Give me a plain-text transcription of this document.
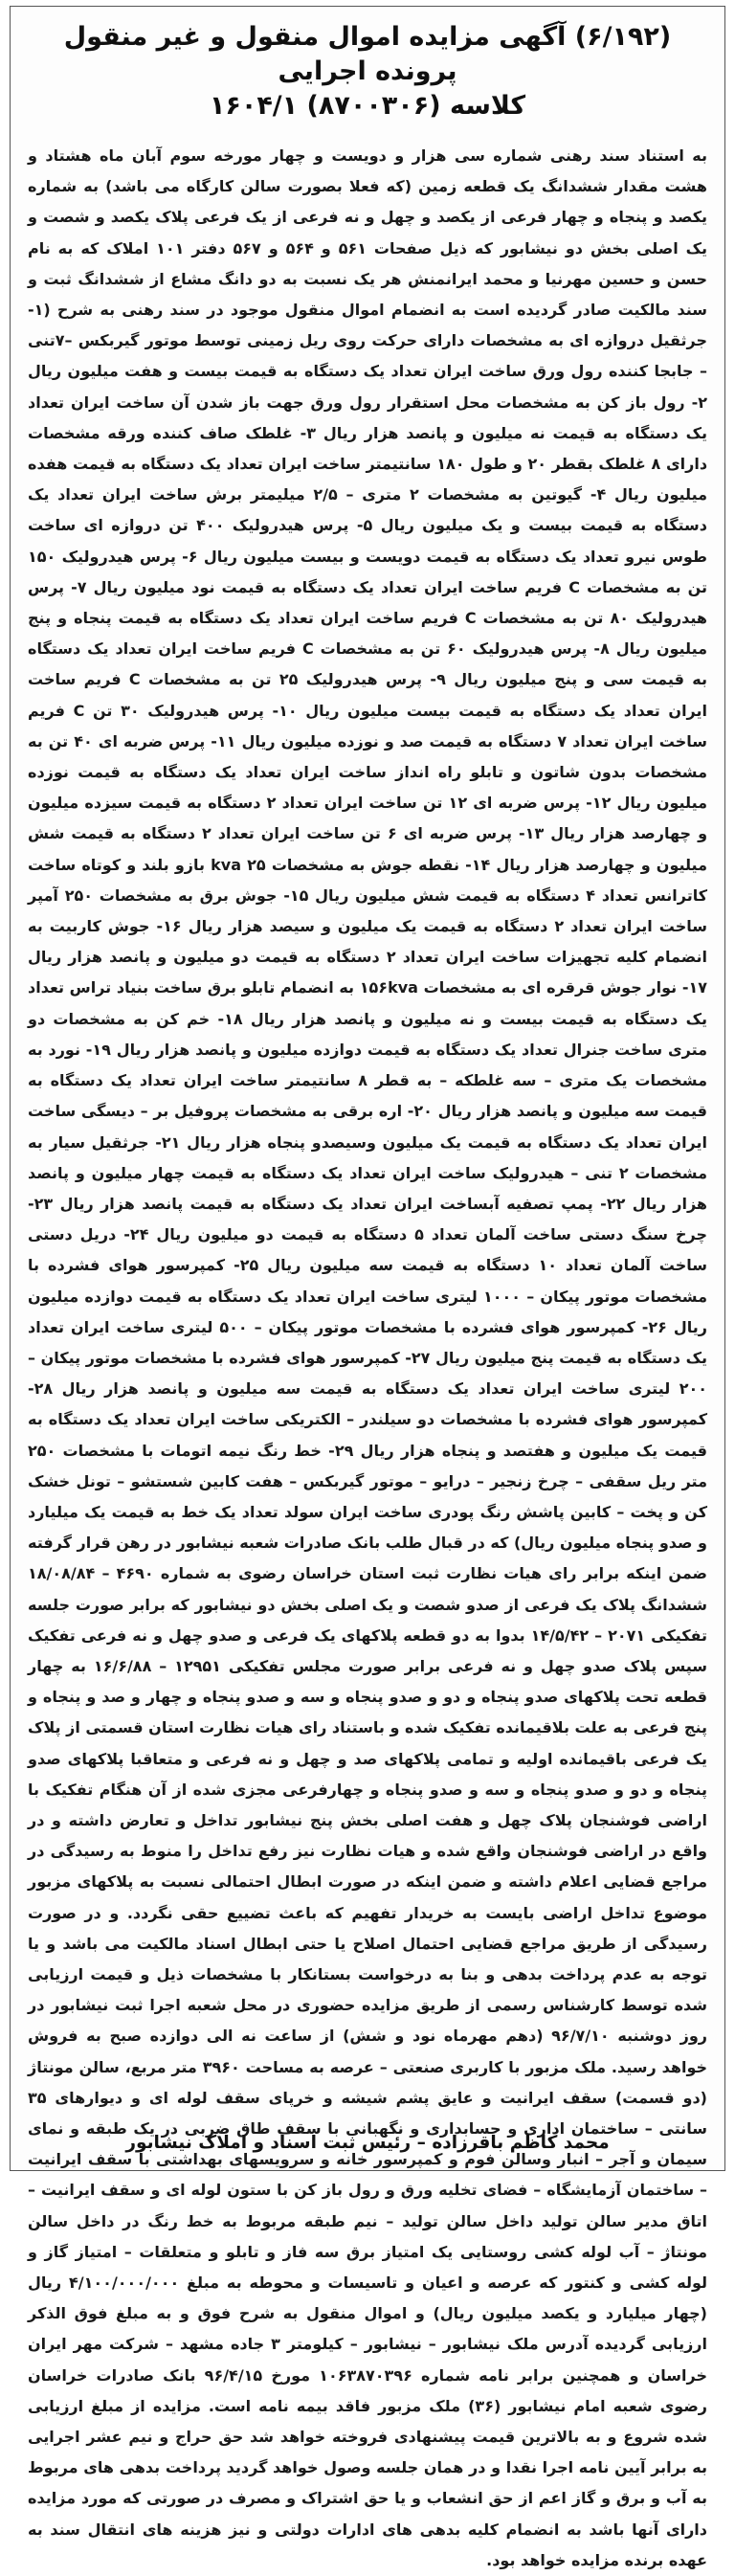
(۶/۱۹۲) آگهی مزایده اموال منقول و غیر منقول پرونده اجرایی
کلاسه (۸۷۰۰۳۰۶) ۱۶۰۴/۱
به استناد سند رهنی شماره سی هزار و دویست و چهار مورخه سوم آبان ماه هشتاد و هشت مقدار ششدانگ یک قطعه زمین (که فعلا بصورت سالن کارگاه می باشد) به شماره یکصد و پنجاه و چهار فرعی از یکصد و چهل و نه فرعی از یک فرعی پلاک یکصد و شصت و یک اصلی بخش دو نیشابور که ذیل صفحات ۵۶۱ و ۵۶۴ و ۵۶۷ دفتر ۱۰۱ املاک که به نام حسن و حسین مهرنیا و محمد ایرانمنش هر یک نسبت به دو دانگ مشاع از ششدانگ ثبت و سند مالکیت صادر گردیده است به انضمام اموال منقول موجود در سند رهنی به شرح (۱- جرثقیل دروازه ای به مشخصات دارای حرکت روی ریل زمینی توسط موتور گیربکس –۷تنی – جابجا کننده رول ورق ساخت ایران تعداد یک دستگاه به قیمت بیست و هفت میلیون ریال ۲- رول باز کن به مشخصات محل استقرار رول ورق جهت باز شدن آن ساخت ایران تعداد یک دستگاه به قیمت نه میلیون و پانصد هزار ریال ۳- غلطک صاف کننده ورقه مشخصات دارای ۸ غلطک بقطر ۲۰ و طول ۱۸۰ سانتیمتر ساخت ایران تعداد یک دستگاه به قیمت هفده میلیون ریال ۴- گیوتین به مشخصات ۲ متری – ۲/۵ میلیمتر برش ساخت ایران تعداد یک دستگاه به قیمت بیست و یک میلیون ریال ۵- پرس هیدرولیک ۴۰۰ تن دروازه ای ساخت طوس نیرو تعداد یک دستگاه به قیمت دویست و بیست میلیون ریال ۶- پرس هیدرولیک ۱۵۰ تن به مشخصات C فریم ساخت ایران تعداد یک دستگاه به قیمت نود میلیون ریال ۷- پرس هیدرولیک ۸۰ تن به مشخصات C فریم ساخت ایران تعداد یک دستگاه به قیمت پنجاه و پنج میلیون ریال ۸- پرس هیدرولیک ۶۰ تن به مشخصات C فریم ساخت ایران تعداد یک دستگاه به قیمت سی و پنج میلیون ریال ۹- پرس هیدرولیک ۲۵ تن به مشخصات C فریم ساخت ایران تعداد یک دستگاه به قیمت بیست میلیون ریال ۱۰- پرس هیدرولیک ۳۰ تن C فریم ساخت ایران تعداد ۷ دستگاه به قیمت صد و نوزده میلیون ریال ۱۱- پرس ضربه ای ۴۰ تن به مشخصات بدون شاتون و تابلو راه انداز ساخت ایران تعداد یک دستگاه به قیمت نوزده میلیون ریال ۱۲- پرس ضربه ای ۱۲ تن ساخت ایران تعداد ۲ دستگاه به قیمت سیزده میلیون و چهارصد هزار ریال ۱۳- پرس ضربه ای ۶ تن ساخت ایران تعداد ۲ دستگاه به قیمت شش میلیون و چهارصد هزار ریال ۱۴- نقطه جوش به مشخصات ۲۵ kva بازو بلند و کوتاه ساخت کاترانس تعداد ۴ دستگاه به قیمت شش میلیون ریال ۱۵- جوش برق به مشخصات ۲۵۰ آمپر ساخت ایران تعداد ۲ دستگاه به قیمت یک میلیون و سیصد هزار ریال ۱۶- جوش کاربیت به انضمام کلیه تجهیزات ساخت ایران تعداد ۲ دستگاه به قیمت دو میلیون و پانصد هزار ریال ۱۷- نوار جوش قرقره ای به مشخصات ۱۵۶kva به انضمام تابلو برق ساخت بنیاد تراس تعداد یک دستگاه به قیمت بیست و نه میلیون و پانصد هزار ریال ۱۸- خم کن به مشخصات دو متری ساخت جنرال تعداد یک دستگاه به قیمت دوازده میلیون و پانصد هزار ریال ۱۹- نورد به مشخصات یک متری – سه غلطکه – به قطر ۸ سانتیمتر ساخت ایران تعداد یک دستگاه به قیمت سه میلیون و پانصد هزار ریال ۲۰- اره برقی به مشخصات پروفیل بر – دیسگی ساخت ایران تعداد یک دستگاه به قیمت یک میلیون وسیصدو پنجاه هزار ریال ۲۱- جرثقیل سیار به مشخصات ۲ تنی – هیدرولیک ساخت ایران تعداد یک دستگاه به قیمت چهار میلیون و پانصد هزار ریال ۲۲- پمپ تصفیه آبساخت ایران تعداد یک دستگاه به قیمت پانصد هزار ریال ۲۳- چرخ سنگ دستی ساخت آلمان تعداد ۵ دستگاه به قیمت دو میلیون ریال ۲۴- دریل دستی ساخت آلمان تعداد ۱۰ دستگاه به قیمت سه میلیون ریال ۲۵- کمپرسور هوای فشرده با مشخصات موتور پیکان – ۱۰۰۰ لیتری ساخت ایران تعداد یک دستگاه به قیمت دوازده میلیون ریال ۲۶- کمپرسور هوای فشرده با مشخصات موتور پیکان – ۵۰۰ لیتری ساخت ایران تعداد یک دستگاه به قیمت پنج میلیون ریال ۲۷- کمپرسور هوای فشرده با مشخصات موتور پیکان – ۲۰۰ لیتری ساخت ایران تعداد یک دستگاه به قیمت سه میلیون و پانصد هزار ریال ۲۸- کمپرسور هوای فشرده با مشخصات دو سیلندر – الکتریکی ساخت ایران تعداد یک دستگاه به قیمت یک میلیون و هفتصد و پنجاه هزار ریال ۲۹- خط رنگ نیمه اتومات با مشخصات ۲۵۰ متر ریل سقفی – چرخ زنجیر – درایو – موتور گیربکس – هفت کابین شستشو – تونل خشک کن و پخت – کابین پاشش رنگ پودری ساخت ایران سولد تعداد یک خط به قیمت یک میلیارد و صدو پنجاه میلیون ریال) که در قبال طلب بانک صادرات شعبه نیشابور در رهن قرار گرفته ضمن اینکه برابر رای هیات نظارت ثبت استان خراسان رضوی به شماره ۴۶۹۰ – ۱۸/۰۸/۸۴ ششدانگ پلاک یک فرعی از صدو شصت و یک اصلی بخش دو نیشابور که برابر صورت جلسه تفکیکی ۲۰۷۱ – ۱۴/۵/۴۲ بدوا به دو قطعه پلاکهای یک فرعی و صدو چهل و نه فرعی تفکیک سپس پلاک صدو چهل و نه فرعی برابر صورت مجلس تفکیکی ۱۲۹۵۱ – ۱۶/۶/۸۸ به چهار قطعه تحت پلاکهای صدو پنجاه و دو و صدو پنجاه و سه و صدو پنجاه و چهار و صد و پنجاه و پنج فرعی به علت بلاقیمانده تفکیک شده و باستناد رای هیات نظارت استان قسمتی از پلاک یک فرعی باقیمانده اولیه و تمامی پلاکهای صد و چهل و نه فرعی و متعاقبا پلاکهای صدو پنجاه و دو و صدو پنجاه و سه و صدو پنجاه و چهارفرعی مجزی شده از آن هنگام تفکیک با اراضی فوشنجان پلاک چهل و هفت اصلی بخش پنج نیشابور تداخل و تعارض داشته و در واقع در اراضی فوشنجان واقع شده و هیات نظارت نیز رفع تداخل را منوط به رسیدگی در مراجع قضایی اعلام داشته و ضمن اینکه در صورت ابطال احتمالی نسبت به پلاکهای مزبور موضوع تداخل اراضی بایست به خریدار تفهیم که باعث تضییع حقی نگردد. و در صورت رسیدگی از طریق مراجع قضایی احتمال اصلاح یا حتی ابطال اسناد مالکیت می باشد و یا توجه به عدم پرداخت بدهی و بنا به درخواست بستانکار با مشخصات ذیل و قیمت ارزیابی شده توسط کارشناس رسمی از طریق مزایده حضوری در محل شعبه اجرا ثبت نیشابور در روز دوشنبه ۹۶/۷/۱۰ (دهم مهرماه نود و شش) از ساعت نه الی دوازده صبح به فروش خواهد رسید. ملک مزبور با کاربری صنعتی – عرصه به مساحت ۳۹۶۰ متر مربع، سالن مونتاژ (دو قسمت) سقف ایرانیت و عایق پشم شیشه و خرپای سقف لوله ای و دیوارهای ۳۵ سانتی – ساختمان اداری و حسابداری و نگهبانی با سقف طاق ضربی در یک طبقه و نمای سیمان و آجر – انبار وسالن فوم و کمپرسور خانه و سرویسهای بهداشتی با سقف ایرانیت – ساختمان آزمایشگاه – فضای تخلیه ورق و رول باز کن با ستون لوله ای و سقف ایرانیت – اتاق مدیر سالن تولید داخل سالن تولید – نیم طبقه مربوط به خط رنگ در داخل سالن مونتاژ – آب لوله کشی روستایی یک امتیاز برق سه فاز و تابلو و متعلقات – امتیاز گاز و لوله کشی و کنتور که عرصه و اعیان و تاسیسات و محوطه به مبلغ ۴/۱۰۰/۰۰۰/۰۰۰ ریال (چهار میلیارد و یکصد میلیون ریال) و اموال منقول به شرح فوق و به مبلغ فوق الذکر ارزیابی گردیده آدرس ملک نیشابور – نیشابور – کیلومتر ۳ جاده مشهد – شرکت مهر ایران خراسان و همچنین برابر نامه شماره ۱۰۶۳۸۷۰۳۹۶ مورخ ۹۶/۴/۱۵ بانک صادرات خراسان رضوی شعبه امام نیشابور (۳۶) ملک مزبور فاقد بیمه نامه است. مزایده از مبلغ ارزیابی شده شروع و به بالاترین قیمت پیشنهادی فروخته خواهد شد حق حراج و نیم عشر اجرایی به برابر آیین نامه اجرا نقدا و در همان جلسه وصول خواهد گردید پرداخت بدهی های مربوط به آب و برق و گاز اعم از حق انشعاب و یا حق اشتراک و مصرف در صورتی که مورد مزایده دارای آنها باشد به انضمام کلیه بدهی های ادارات دولتی و نیز هزینه های انتقال سند به عهده برنده مزایده خواهد بود.
محمد کاظم باقرزاده – رئیس ثبت اسناد و املاک نیشابور
